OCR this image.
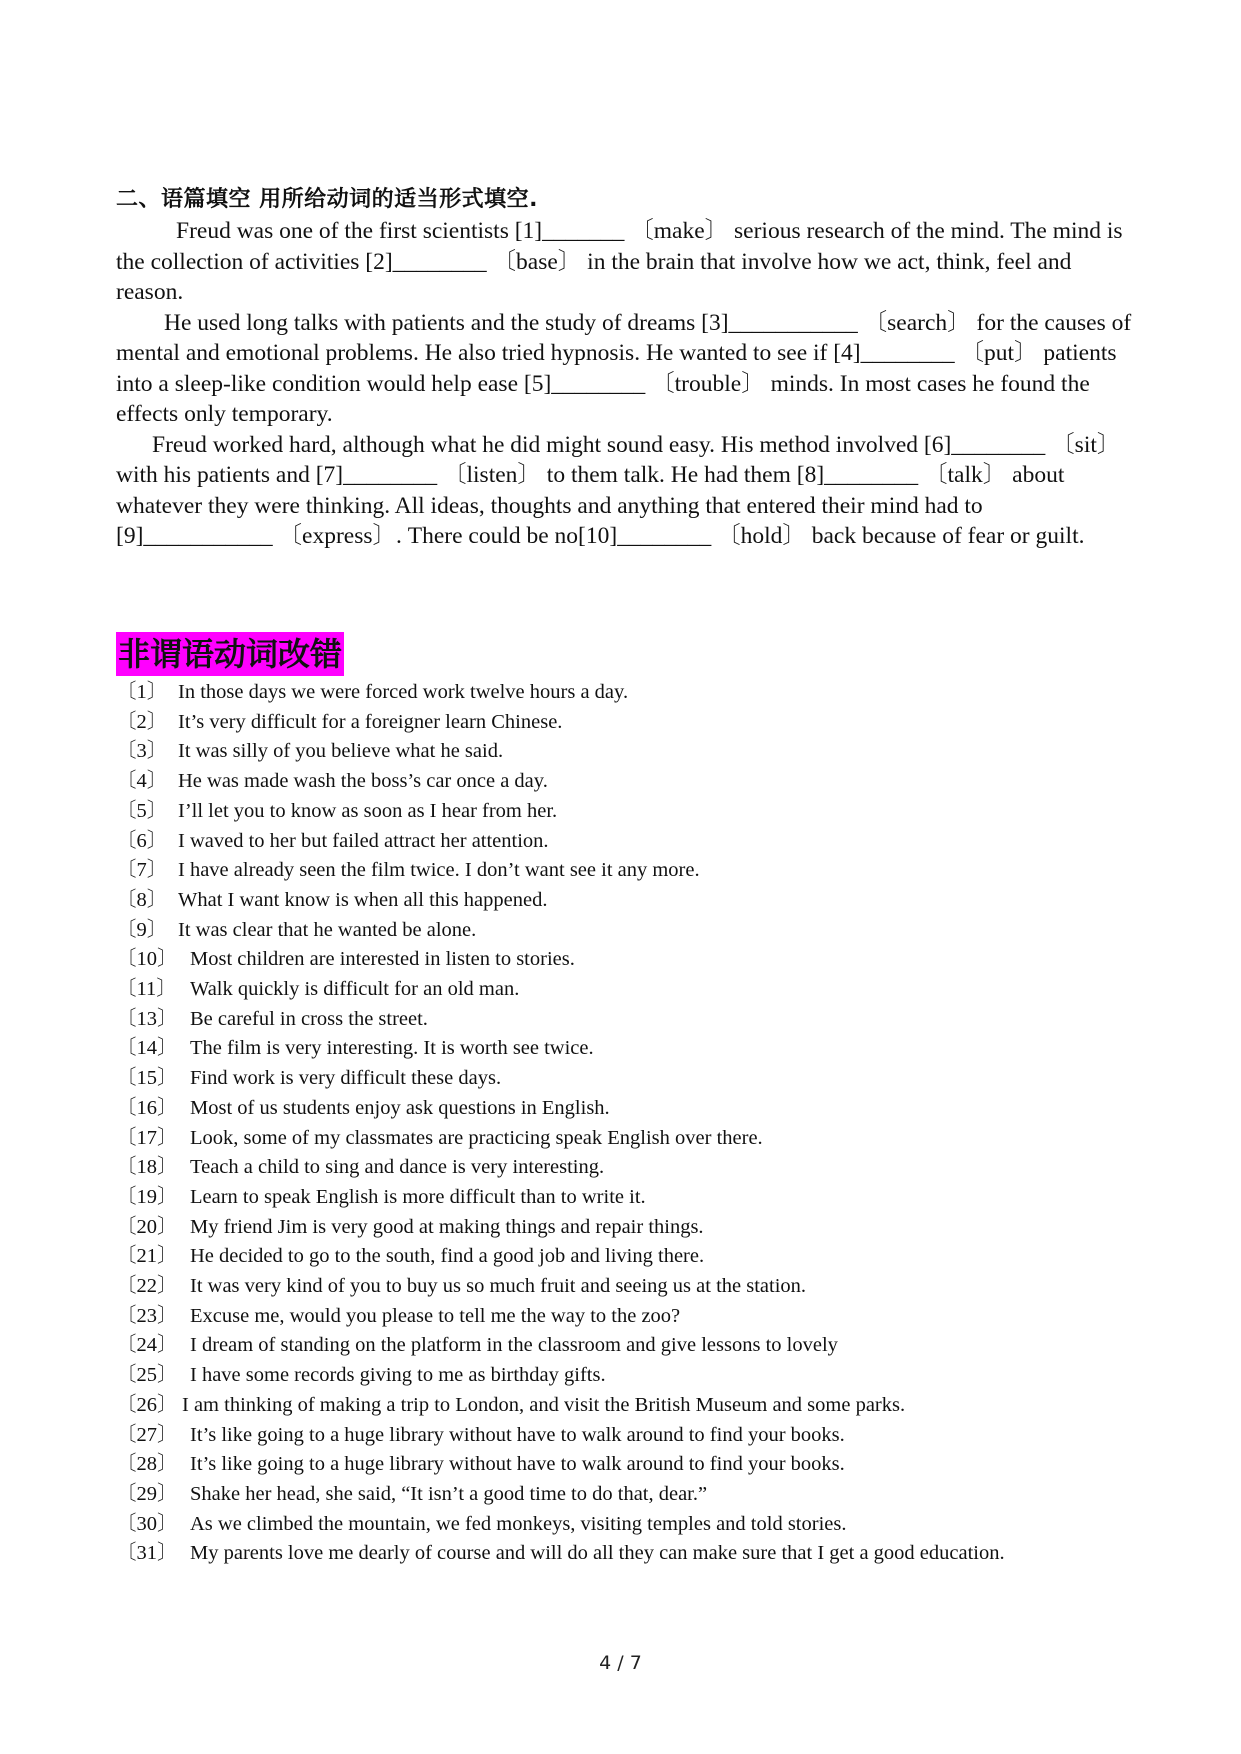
二、语篇填空 用所给动词的适当形式填空.

Freud was one of the first scientists [1]_______ 〔make〕 serious research of the mind. The mind is the collection of activities [2]________ 〔base〕 in the brain that involve how we act, think, feel and reason.

He used long talks with patients and the study of dreams [3]___________ 〔search〕 for the causes of mental and emotional problems. He also tried hypnosis. He wanted to see if [4]________ 〔put〕 patients into a sleep-like condition would help ease [5]________ 〔trouble〕 minds. In most cases he found the effects only temporary.

Freud worked hard, although what he did might sound easy. His method involved [6]________ 〔sit〕 with his patients and [7]________ 〔listen〕 to them talk. He had them [8]________ 〔talk〕 about whatever they were thinking. All ideas, thoughts and anything that entered their mind had to [9]___________ 〔express〕. There could be no[10]________ 〔hold〕 back because of fear or guilt.

非谓语动词改错
〔1〕 In those days we were forced work twelve hours a day.
〔2〕 It’s very difficult for a foreigner learn Chinese.
〔3〕 It was silly of you believe what he said.
〔4〕 He was made wash the boss’s car once a day.
〔5〕 I’ll let you to know as soon as I hear from her.
〔6〕 I waved to her but failed attract her attention.
〔7〕 I have already seen the film twice. I don’t want see it any more.
〔8〕 What I want know is when all this happened.
〔9〕 It was clear that he wanted be alone.
〔10〕 Most children are interested in listen to stories.
〔11〕 Walk quickly is difficult for an old man.
〔13〕 Be careful in cross the street.
〔14〕 The film is very interesting. It is worth see twice.
〔15〕 Find work is very difficult these days.
〔16〕 Most of us students enjoy ask questions in English.
〔17〕 Look, some of my classmates are practicing speak English over there.
〔18〕 Teach a child to sing and dance is very interesting.
〔19〕 Learn to speak English is more difficult than to write it.
〔20〕 My friend Jim is very good at making things and repair things.
〔21〕 He decided to go to the south, find a good job and living there.
〔22〕 It was very kind of you to buy us so much fruit and seeing us at the station.
〔23〕 Excuse me, would you please to tell me the way to the zoo?
〔24〕 I dream of standing on the platform in the classroom and give lessons to lovely
〔25〕 I have some records giving to me as birthday gifts.
〔26〕 I am thinking of making a trip to London, and visit the British Museum and some parks.
〔27〕 It’s like going to a huge library without have to walk around to find your books.
〔28〕 It’s like going to a huge library without have to walk around to find your books.
〔29〕 Shake her head, she said, “It isn’t a good time to do that, dear.”
〔30〕 As we climbed the mountain, we fed monkeys, visiting temples and told stories.
〔31〕 My parents love me dearly of course and will do all they can make sure that I get a good education.
4 / 7
